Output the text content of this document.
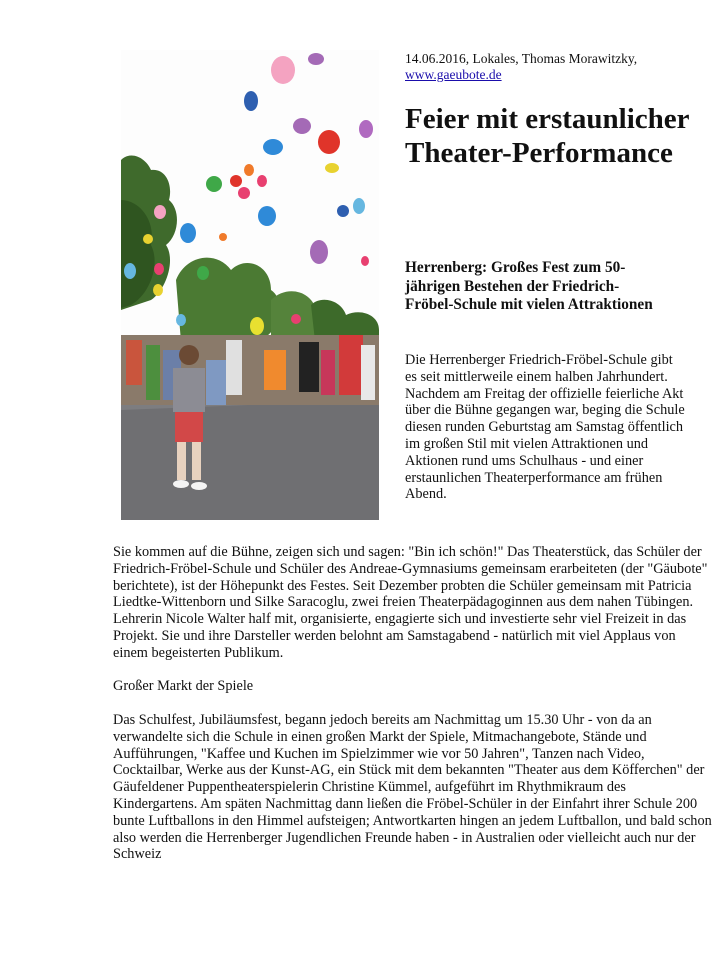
14.06.2016, Lokales, Thomas Morawitzky,
www.gaeubote.de
Feier mit erstaunlicher Theater-Performance
Herrenberg: Großes Fest zum 50-jährigen Bestehen der Friedrich-Fröbel-Schule mit vielen Attraktionen

Die Herrenberger Friedrich-Fröbel-Schule gibt es seit mittlerweile einem halben Jahrhundert. Nachdem am Freitag der offizielle feierliche Akt über die Bühne gegangen war, beging die Schule diesen runden Geburtstag am Samstag öffentlich im großen Stil mit vielen Attraktionen und Aktionen rund ums Schulhaus - und einer erstaunlichen Theaterperformance am frühen Abend.

Sie kommen auf die Bühne, zeigen sich und sagen: "Bin ich schön!" Das Theaterstück, das Schüler der Friedrich-Fröbel-Schule und Schüler des Andreae-Gymnasiums gemeinsam erarbeiteten (der "Gäubote" berichtete), ist der Höhepunkt des Festes. Seit Dezember probten die Schüler gemeinsam mit Patricia Liedtke-Wittenborn und Silke Saracoglu, zwei freien Theaterpädagoginnen aus dem nahen Tübingen. Lehrerin Nicole Walter half mit, organisierte, engagierte sich und investierte sehr viel Freizeit in das Projekt. Sie und ihre Darsteller werden belohnt am Samstagabend - natürlich mit viel Applaus von einem begeisterten Publikum.

Großer Markt der Spiele

Das Schulfest, Jubiläumsfest, begann jedoch bereits am Nachmittag um 15.30 Uhr - von da an verwandelte sich die Schule in einen großen Markt der Spiele, Mitmachangebote, Stände und Aufführungen, "Kaffee und Kuchen im Spielzimmer wie vor 50 Jahren", Tanzen nach Video, Cocktailbar, Werke aus der Kunst-AG, ein Stück mit dem bekannten "Theater aus dem Köfferchen" der Gäufeldener Puppentheaterspielerin Christine Kümmel, aufgeführt im Rhythmikraum des Kindergartens. Am späten Nachmittag dann ließen die Fröbel-Schüler in der Einfahrt ihrer Schule 200 bunte Luftballons in den Himmel aufsteigen; Antwortkarten hingen an jedem Luftballon, und bald schon also werden die Herrenberger Jugendlichen Freunde haben - in Australien oder vielleicht auch nur der Schweiz
